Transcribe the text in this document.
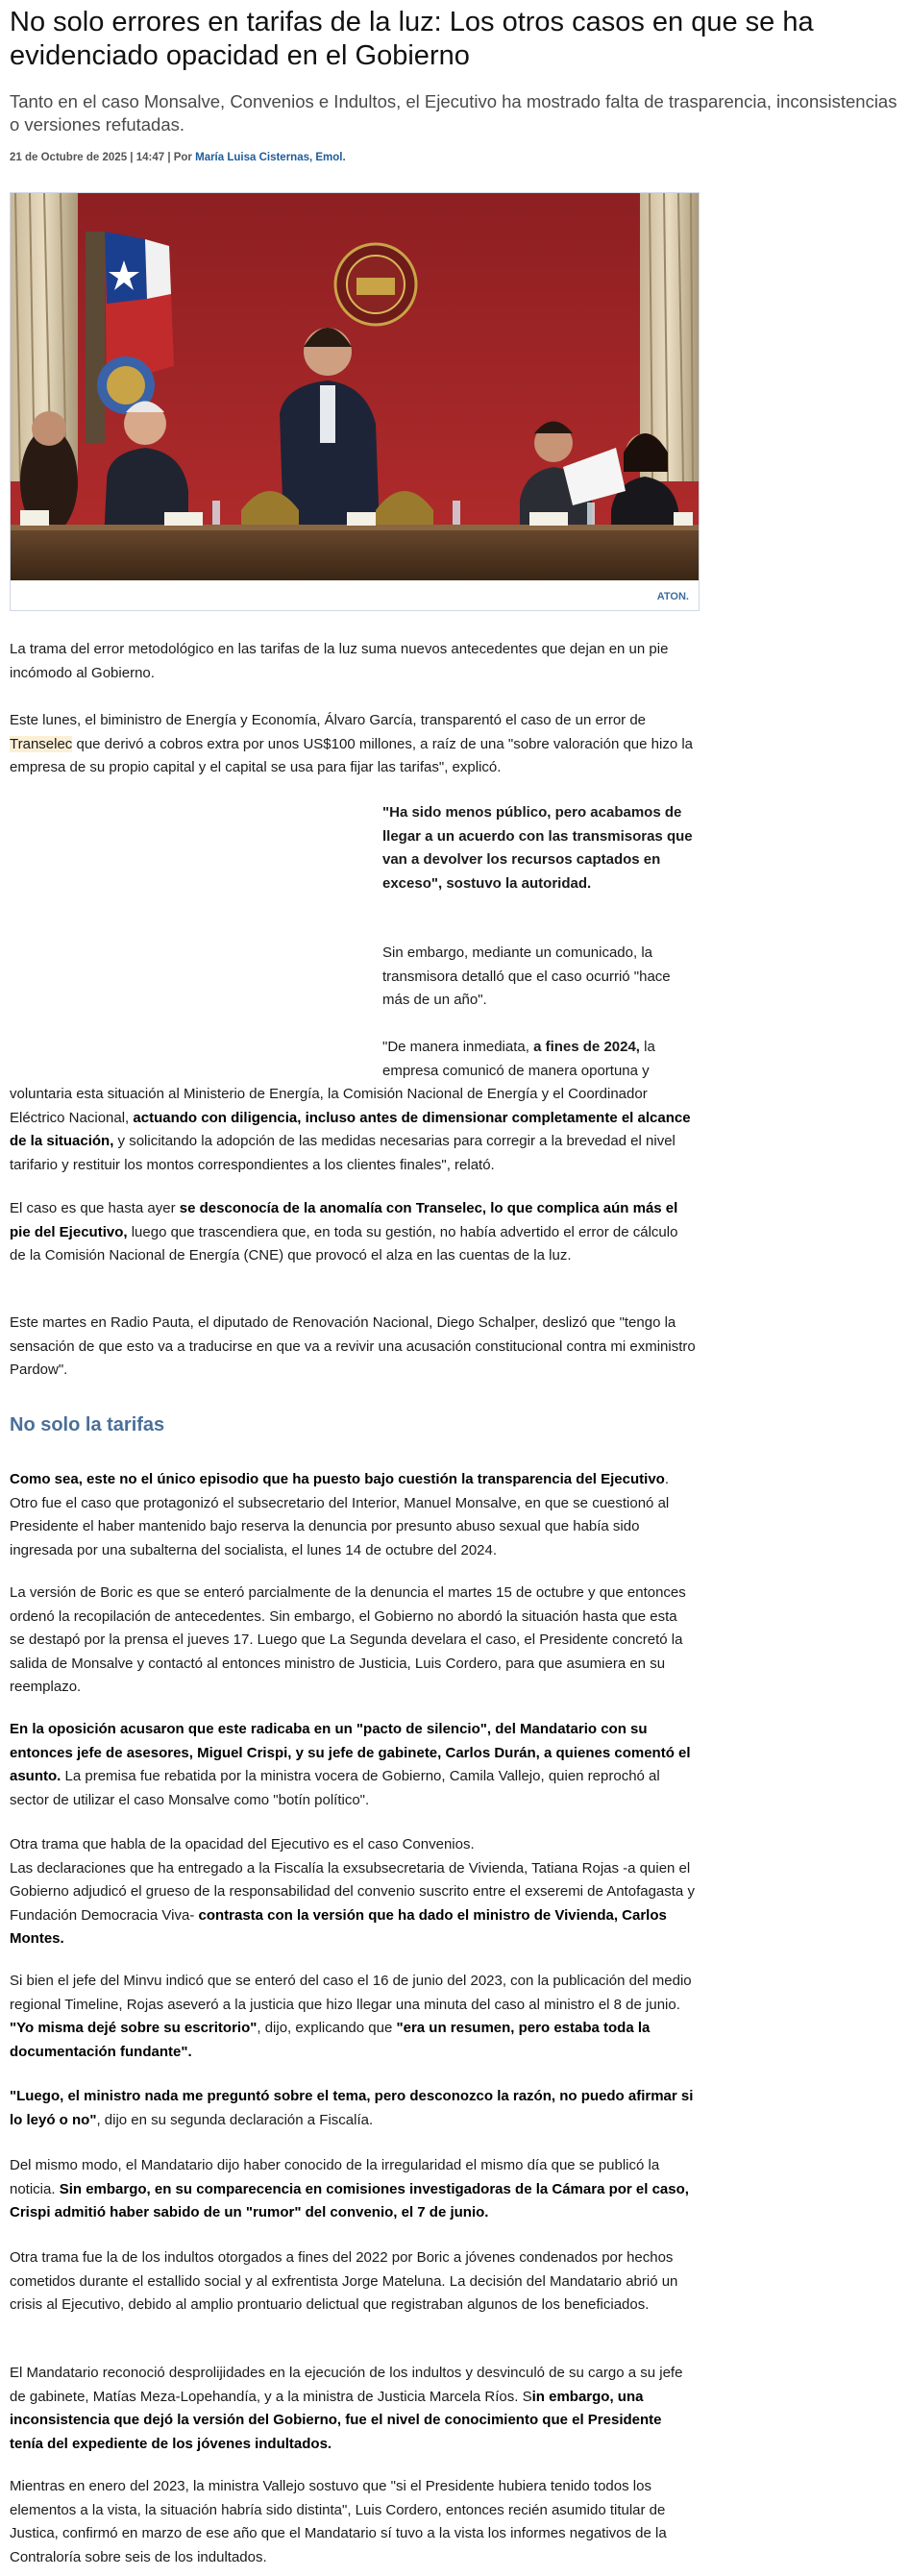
No solo errores en tarifas de la luz: Los otros casos en que se ha evidenciado opacidad en el Gobierno

Tanto en el caso Monsalve, Convenios e Indultos, el Ejecutivo ha mostrado falta de trasparencia, inconsistencias o versiones refutadas.

21 de Octubre de 2025 | 14:47 | Por María Luisa Cisternas, Emol.
ATON.

La trama del error metodológico en las tarifas de la luz suma nuevos antecedentes que dejan en un pie incómodo al Gobierno.

Este lunes, el biministro de Energía y Economía, Álvaro García, transparentó el caso de un error de Transelec que derivó a cobros extra por unos US$100 millones, a raíz de una "sobre valoración que hizo la empresa de su propio capital y el capital se usa para fijar las tarifas", explicó.

"Ha sido menos público, pero acabamos de llegar a un acuerdo con las transmisoras que van a devolver los recursos captados en exceso", sostuvo la autoridad.

Sin embargo, mediante un comunicado, la transmisora detalló que el caso ocurrió "hace más de un año".

"De manera inmediata, a fines de 2024, la empresa comunicó de manera oportuna y

voluntaria esta situación al Ministerio de Energía, la Comisión Nacional de Energía y el Coordinador Eléctrico Nacional, actuando con diligencia, incluso antes de dimensionar completamente el alcance de la situación, y solicitando la adopción de las medidas necesarias para corregir a la brevedad el nivel tarifario y restituir los montos correspondientes a los clientes finales", relató.

El caso es que hasta ayer se desconocía de la anomalía con Transelec, lo que complica aún más el pie del Ejecutivo, luego que trascendiera que, en toda su gestión, no había advertido el error de cálculo de la Comisión Nacional de Energía (CNE) que provocó el alza en las cuentas de la luz.

Este martes en Radio Pauta, el diputado de Renovación Nacional, Diego Schalper, deslizó que "tengo la sensación de que esto va a traducirse en que va a revivir una acusación constitucional contra mi exministro Pardow".

No solo la tarifas

Como sea, este no el único episodio que ha puesto bajo cuestión la transparencia del Ejecutivo. Otro fue el caso que protagonizó el subsecretario del Interior, Manuel Monsalve, en que se cuestionó al Presidente el haber mantenido bajo reserva la denuncia por presunto abuso sexual que había sido ingresada por una subalterna del socialista, el lunes 14 de octubre del 2024.

La versión de Boric es que se enteró parcialmente de la denuncia el martes 15 de octubre y que entonces ordenó la recopilación de antecedentes. Sin embargo, el Gobierno no abordó la situación hasta que esta se destapó por la prensa el jueves 17. Luego que La Segunda develara el caso, el Presidente concretó la salida de Monsalve y contactó al entonces ministro de Justicia, Luis Cordero, para que asumiera en su reemplazo.

En la oposición acusaron que este radicaba en un "pacto de silencio", del Mandatario con su entonces jefe de asesores, Miguel Crispi, y su jefe de gabinete, Carlos Durán, a quienes comentó el asunto. La premisa fue rebatida por la ministra vocera de Gobierno, Camila Vallejo, quien reprochó al sector de utilizar el caso Monsalve como "botín político".

Otra trama que habla de la opacidad del Ejecutivo es el caso Convenios.
Las declaraciones que ha entregado a la Fiscalía la exsubsecretaria de Vivienda, Tatiana Rojas -a quien el Gobierno adjudicó el grueso de la responsabilidad del convenio suscrito entre el exseremi de Antofagasta y Fundación Democracia Viva- contrasta con la versión que ha dado el ministro de Vivienda, Carlos Montes.

Si bien el jefe del Minvu indicó que se enteró del caso el 16 de junio del 2023, con la publicación del medio regional Timeline, Rojas aseveró a la justicia que hizo llegar una minuta del caso al ministro el 8 de junio. "Yo misma dejé sobre su escritorio", dijo, explicando que "era un resumen, pero estaba toda la documentación fundante".

"Luego, el ministro nada me preguntó sobre el tema, pero desconozco la razón, no puedo afirmar si lo leyó o no", dijo en su segunda declaración a Fiscalía.

Del mismo modo, el Mandatario dijo haber conocido de la irregularidad el mismo día que se publicó la noticia. Sin embargo, en su comparecencia en comisiones investigadoras de la Cámara por el caso, Crispi admitió haber sabido de un "rumor" del convenio, el 7 de junio.

Otra trama fue la de los indultos otorgados a fines del 2022 por Boric a jóvenes condenados por hechos cometidos durante el estallido social y al exfrentista Jorge Mateluna. La decisión del Mandatario abrió un crisis al Ejecutivo, debido al amplio prontuario delictual que registraban algunos de los beneficiados.

El Mandatario reconoció desprolijidades en la ejecución de los indultos y desvinculó de su cargo a su jefe de gabinete, Matías Meza-Lopehandía, y a la ministra de Justicia Marcela Ríos. Sin embargo, una inconsistencia que dejó la versión del Gobierno, fue el nivel de conocimiento que el Presidente tenía del expediente de los jóvenes indultados.

Mientras en enero del 2023, la ministra Vallejo sostuvo que "si el Presidente hubiera tenido todos los elementos a la vista, la situación habría sido distinta", Luis Cordero, entonces recién asumido titular de Justica, confirmó en marzo de ese año que el Mandatario sí tuvo a la vista los informes negativos de la Contraloría sobre seis de los indultados.
